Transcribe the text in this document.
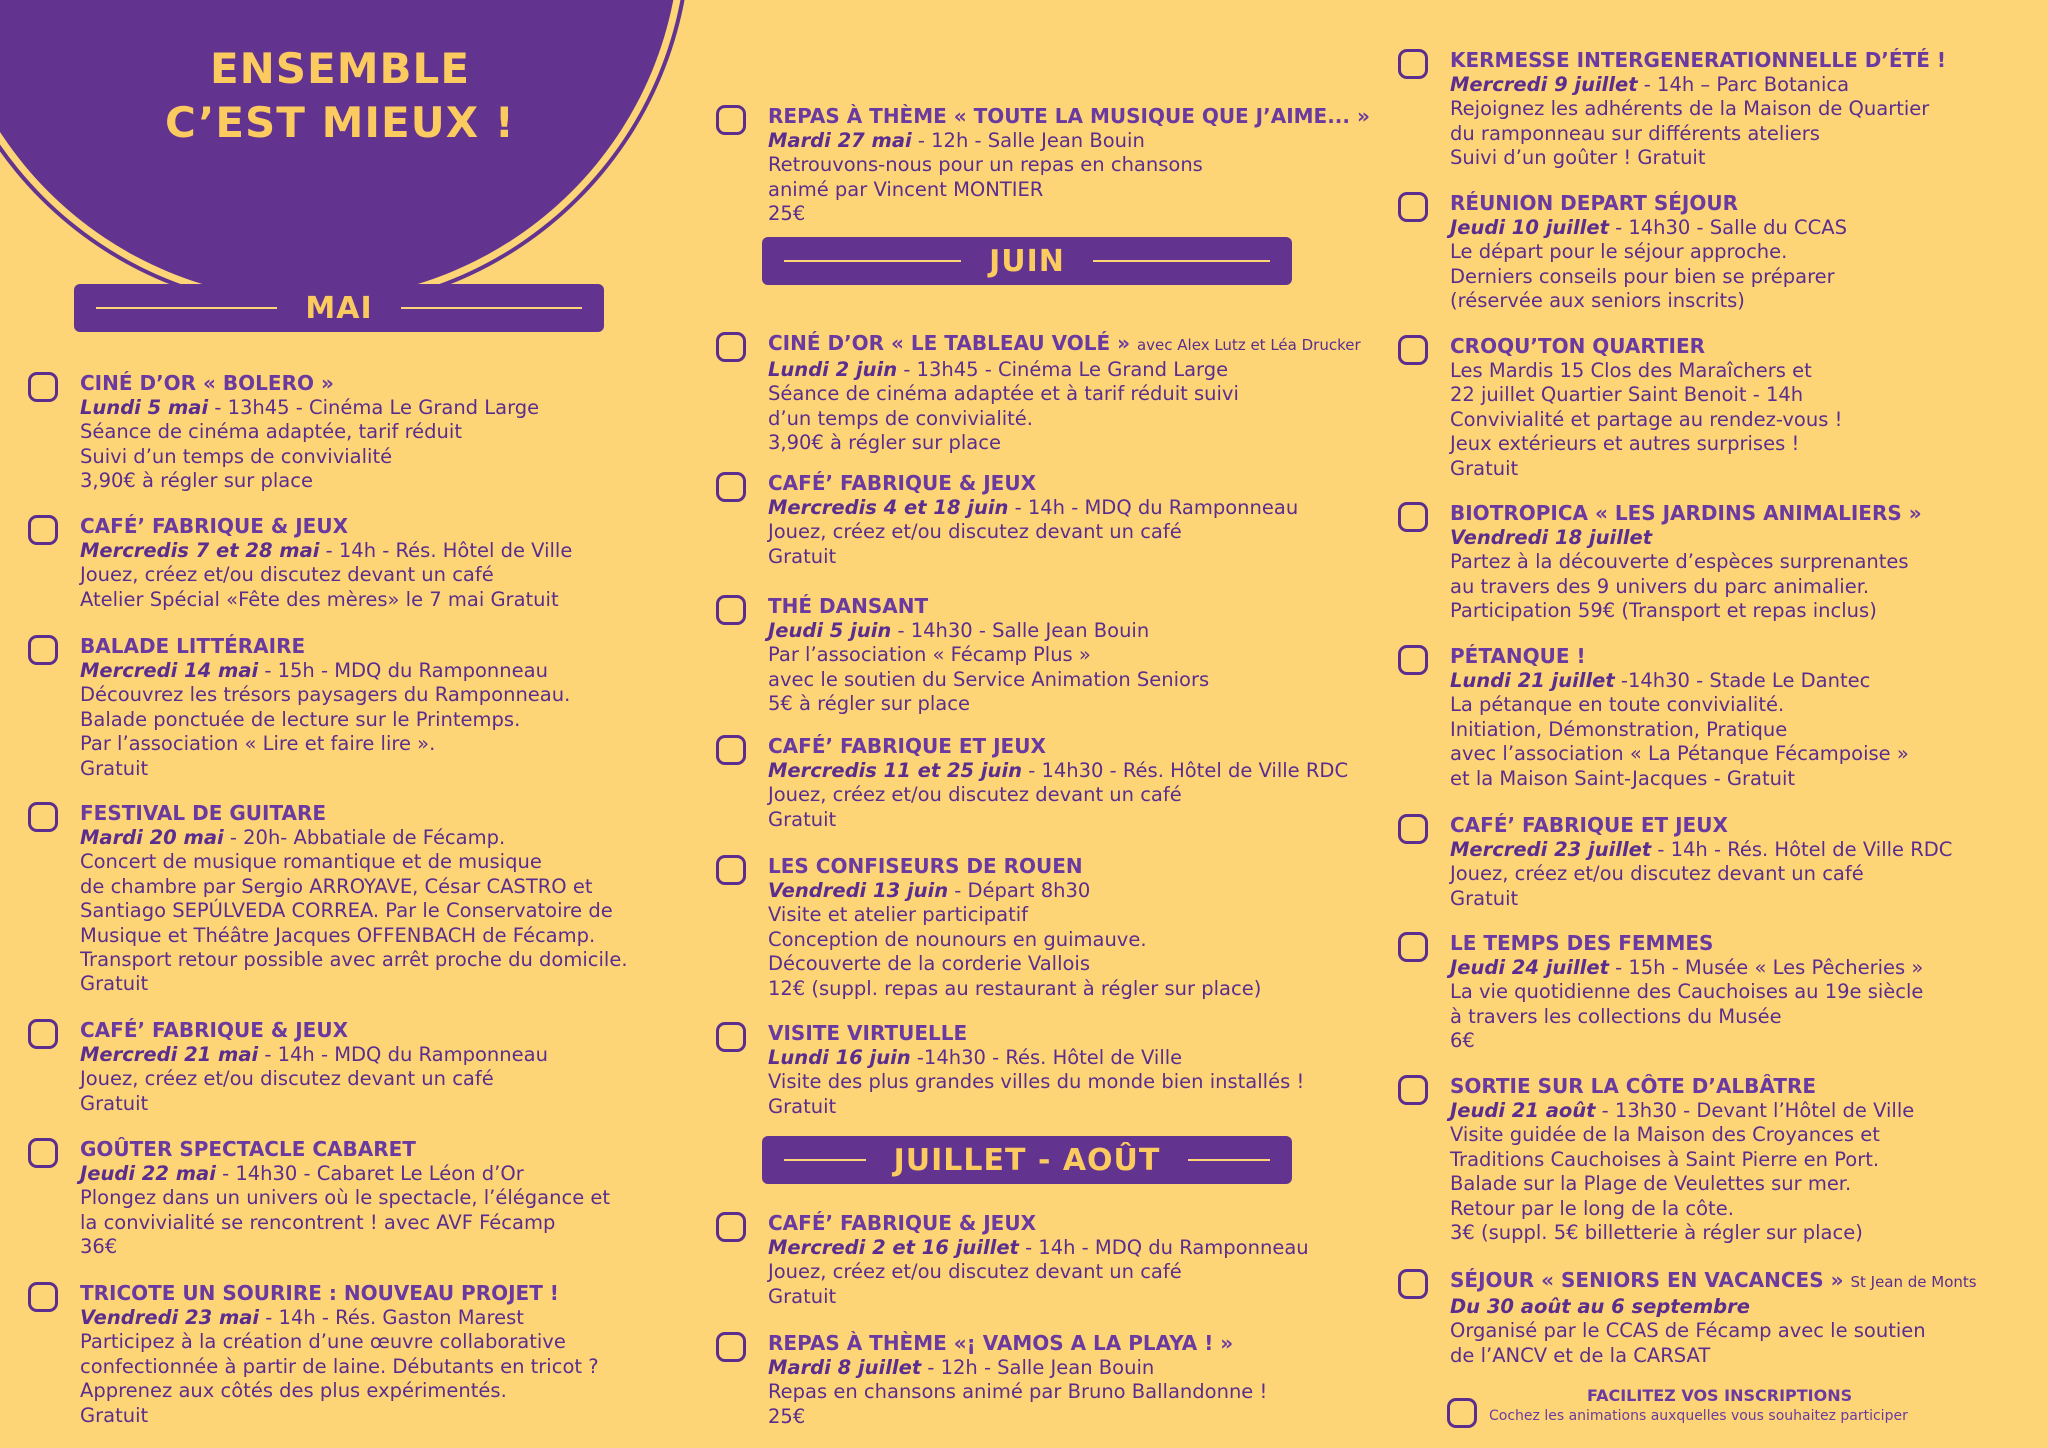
ENSEMBLE
C’EST MIEUX !
ANIMATIONS & CULTURE
MAI
JUIN
JUILLET - AOÛT
CINÉ D’OR « BOLERO »
Lundi 5 mai - 13h45 - Cinéma Le Grand Large
Séance de cinéma adaptée, tarif réduit
Suivi d’un temps de convivialité
3,90€ à régler sur place
CAFÉ’ FABRIQUE & JEUX
Mercredis 7 et 28 mai - 14h - Rés. Hôtel de Ville
Jouez, créez et/ou discutez devant un café
Atelier Spécial «Fête des mères» le 7 mai Gratuit
BALADE LITTÉRAIRE
Mercredi 14 mai - 15h - MDQ du Ramponneau
Découvrez les trésors paysagers du Ramponneau.
Balade ponctuée de lecture sur le Printemps.
Par l’association « Lire et faire lire ».
Gratuit
FESTIVAL DE GUITARE
Mardi 20 mai - 20h- Abbatiale de Fécamp.
Concert de musique romantique et de musique
de chambre par Sergio ARROYAVE, César CASTRO et
Santiago SEPÚLVEDA CORREA. Par le Conservatoire de
Musique et Théâtre Jacques OFFENBACH de Fécamp.
Transport retour possible avec arrêt proche du domicile.
Gratuit
CAFÉ’ FABRIQUE & JEUX
Mercredi 21 mai - 14h - MDQ du Ramponneau
Jouez, créez et/ou discutez devant un café
Gratuit
GOÛTER SPECTACLE CABARET
Jeudi 22 mai - 14h30 - Cabaret Le Léon d’Or
Plongez dans un univers où le spectacle, l’élégance et
la convivialité se rencontrent ! avec AVF Fécamp
36€
TRICOTE UN SOURIRE : NOUVEAU PROJET !
Vendredi 23 mai - 14h - Rés. Gaston Marest
Participez à la création d’une œuvre collaborative
confectionnée à partir de laine. Débutants en tricot ?
Apprenez aux côtés des plus expérimentés.
Gratuit
REPAS À THÈME « TOUTE LA MUSIQUE QUE J’AIME... »
Mardi 27 mai - 12h - Salle Jean Bouin
Retrouvons-nous pour un repas en chansons
animé par Vincent MONTIER
25€
CINÉ D’OR « LE TABLEAU VOLÉ » avec Alex Lutz et Léa Drucker
Lundi 2 juin - 13h45 - Cinéma Le Grand Large
Séance de cinéma adaptée et à tarif réduit suivi
d’un temps de convivialité.
3,90€ à régler sur place
CAFÉ’ FABRIQUE & JEUX
Mercredis 4 et 18 juin - 14h - MDQ du Ramponneau
Jouez, créez et/ou discutez devant un café
Gratuit
THÉ DANSANT
Jeudi 5 juin - 14h30 - Salle Jean Bouin
Par l’association « Fécamp Plus »
avec le soutien du Service Animation Seniors
5€ à régler sur place
CAFÉ’ FABRIQUE ET JEUX
Mercredis 11 et 25 juin - 14h30 - Rés. Hôtel de Ville RDC
Jouez, créez et/ou discutez devant un café
Gratuit
LES CONFISEURS DE ROUEN
Vendredi 13 juin - Départ 8h30
Visite et atelier participatif
Conception de nounours en guimauve.
Découverte de la corderie Vallois
12€ (suppl. repas au restaurant à régler sur place)
VISITE VIRTUELLE
Lundi 16 juin -14h30 - Rés. Hôtel de Ville
Visite des plus grandes villes du monde bien installés !
Gratuit
CAFÉ’ FABRIQUE & JEUX
Mercredi 2 et 16 juillet - 14h - MDQ du Ramponneau
Jouez, créez et/ou discutez devant un café
Gratuit
REPAS À THÈME «¡ VAMOS A LA PLAYA ! »
Mardi 8 juillet - 12h - Salle Jean Bouin
Repas en chansons animé par Bruno Ballandonne !
25€
KERMESSE INTERGENERATIONNELLE D’ÉTÉ !
Mercredi 9 juillet - 14h – Parc Botanica
Rejoignez les adhérents de la Maison de Quartier
du ramponneau sur différents ateliers
Suivi d’un goûter ! Gratuit
RÉUNION DEPART SÉJOUR
Jeudi 10 juillet - 14h30 - Salle du CCAS
Le départ pour le séjour approche.
Derniers conseils pour bien se préparer
(réservée aux seniors inscrits)
CROQU’TON QUARTIER
Les Mardis 15 Clos des Maraîchers et
22 juillet Quartier Saint Benoit - 14h
Convivialité et partage au rendez-vous !
Jeux extérieurs et autres surprises !
Gratuit
BIOTROPICA « LES JARDINS ANIMALIERS »
Vendredi 18 juillet
Partez à la découverte d’espèces surprenantes
au travers des 9 univers du parc animalier.
Participation 59€ (Transport et repas inclus)
PÉTANQUE !
Lundi 21 juillet -14h30 - Stade Le Dantec
La pétanque en toute convivialité.
Initiation, Démonstration, Pratique
avec l’association « La Pétanque Fécampoise »
et la Maison Saint-Jacques - Gratuit
CAFÉ’ FABRIQUE ET JEUX
Mercredi 23 juillet - 14h - Rés. Hôtel de Ville RDC
Jouez, créez et/ou discutez devant un café
Gratuit
LE TEMPS DES FEMMES
Jeudi 24 juillet - 15h - Musée « Les Pêcheries »
La vie quotidienne des Cauchoises au 19e siècle
à travers les collections du Musée
6€
SORTIE SUR LA CÔTE D’ALBÂTRE
Jeudi 21 août - 13h30 - Devant l’Hôtel de Ville
Visite guidée de la Maison des Croyances et
Traditions Cauchoises à Saint Pierre en Port.
Balade sur la Plage de Veulettes sur mer.
Retour par le long de la côte.
3€ (suppl. 5€ billetterie à régler sur place)
SÉJOUR « SENIORS EN VACANCES » St Jean de Monts
Du 30 août au 6 septembre
Organisé par le CCAS de Fécamp avec le soutien
de l’ANCV et de la CARSAT
FACILITEZ VOS INSCRIPTIONS
Cochez les animations auxquelles vous souhaitez participer
